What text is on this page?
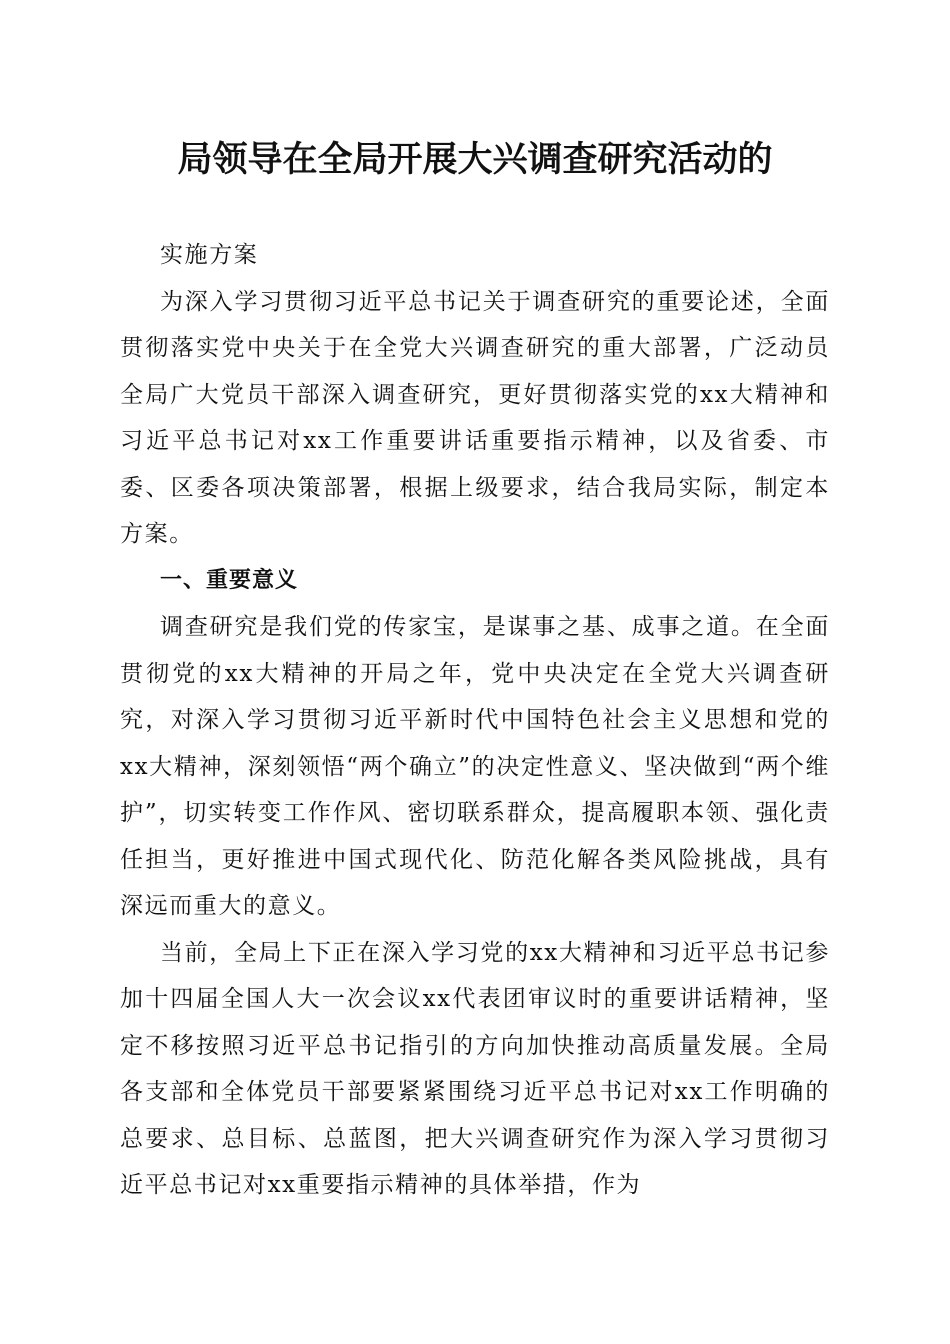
局领导在全局开展大兴调查研究活动的

实施方案

为深入学习贯彻习近平总书记关于调查研究的重要论述，全面贯彻落实党中央关于在全党大兴调查研究的重大部署，广泛动员全局广大党员干部深入调查研究，更好贯彻落实党的xx大精神和习近平总书记对xx工作重要讲话重要指示精神，以及省委、市委、区委各项决策部署，根据上级要求，结合我局实际，制定本方案。

一、重要意义

调查研究是我们党的传家宝，是谋事之基、成事之道。在全面贯彻党的xx大精神的开局之年，党中央决定在全党大兴调查研究，对深入学习贯彻习近平新时代中国特色社会主义思想和党的xx大精神，深刻领悟“两个确立”的决定性意义、坚决做到“两个维护”，切实转变工作作风、密切联系群众，提高履职本领、强化责任担当，更好推进中国式现代化、防范化解各类风险挑战，具有深远而重大的意义。

当前，全局上下正在深入学习党的xx大精神和习近平总书记参加十四届全国人大一次会议xx代表团审议时的重要讲话精神，坚定不移按照习近平总书记指引的方向加快推动高质量发展。全局各支部和全体党员干部要紧紧围绕习近平总书记对xx工作明确的总要求、总目标、总蓝图，把大兴调查研究作为深入学习贯彻习近平总书记对xx重要指示精神的具体举措，作为
